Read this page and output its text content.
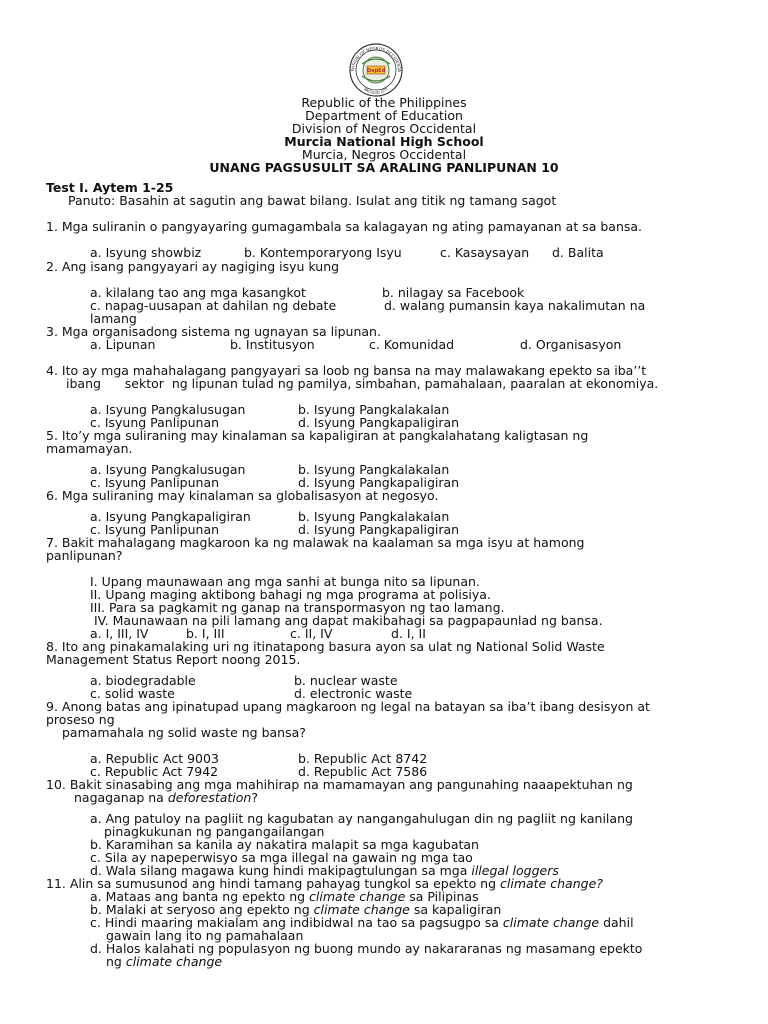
IVISION OF NEGROS OCCIDENTA
BACOLOD CITY
DepEd
Republic of the Philippines
Department of Education
Division of Negros Occidental
Murcia National High School
Murcia, Negros Occidental
UNANG PAGSUSULIT SA ARALING PANLIPUNAN 10
Test I. Aytem 1-25
Panuto: Basahin at sagutin ang bawat bilang. Isulat ang titik ng tamang sagot
1. Mga suliranin o pangyayaring gumagambala sa kalagayan ng ating pamayanan at sa bansa.
a. Isyung showbiz	b. Kontemporaryong Isyu	c. Kasaysayan d. Balita
2. Ang isang pangyayari ay nagiging isyu kung
a. kilalang tao ang mga kasangkot	b. nilagay sa Facebook
c. napag-uusapan at dahilan ng debate	d. walang pumansin kaya nakalimutan na
lamang
3. Mga organisadong sistema ng ugnayan sa lipunan.
a. Lipunan	b. Institusyon	c. Komunidad	d. Organisasyon
4. Ito ay mga mahahalagang pangyayari sa loob ng bansa na may malawakang epekto sa iba’’t
ibang      sektor  ng lipunan tulad ng pamilya, simbahan, pamahalaan, paaralan at ekonomiya.
a. Isyung Pangkalusugan	b. Isyung Pangkalakalan
c. Isyung Panlipunan	d. Isyung Pangkapaligiran
5. Ito’y mga suliraning may kinalaman sa kapaligiran at pangkalahatang kaligtasan ng
mamamayan.
a. Isyung Pangkalusugan	b. Isyung Pangkalakalan
c. Isyung Panlipunan	d. Isyung Pangkapaligiran
6. Mga suliraning may kinalaman sa globalisasyon at negosyo.
a. Isyung Pangkapaligiran	b. Isyung Pangkalakalan
c. Isyung Panlipunan	d. Isyung Pangkapaligiran
7. Bakit mahalagang magkaroon ka ng malawak na kaalaman sa mga isyu at hamong
panlipunan?
I. Upang maunawaan ang mga sanhi at bunga nito sa lipunan.
II. Upang maging aktibong bahagi ng mga programa at polisiya.
III. Para sa pagkamit ng ganap na transpormasyon ng tao lamang.
IV. Maunawaan na pili lamang ang dapat makibahagi sa pagpapaunlad ng bansa.
a. I, III, IV	b. I, III	c. II, IV	d. I, II
8. Ito ang pinakamalaking uri ng itinatapong basura ayon sa ulat ng National Solid Waste
Management Status Report noong 2015.
a. biodegradable	b. nuclear waste
c. solid waste	d. electronic waste
9. Anong batas ang ipinatupad upang magkaroon ng legal na batayan sa iba’t ibang desisyon at
proseso ng
pamamahala ng solid waste ng bansa?
a. Republic Act 9003	b. Republic Act 8742
c. Republic Act 7942	d. Republic Act 7586
10. Bakit sinasabing ang mga mahihirap na mamamayan ang pangunahing naaapektuhan ng
nagaganap na deforestation?
a. Ang patuloy na pagliit ng kagubatan ay nangangahulugan din ng pagliit ng kanilang
pinagkukunan ng pangangailangan
b. Karamihan sa kanila ay nakatira malapit sa mga kagubatan
c. Sila ay napeperwisyo sa mga illegal na gawain ng mga tao
d. Wala silang magawa kung hindi makipagtulungan sa mga illegal loggers
11. Alin sa sumusunod ang hindi tamang pahayag tungkol sa epekto ng climate change?
a. Mataas ang banta ng epekto ng climate change sa Pilipinas
b. Malaki at seryoso ang epekto ng climate change sa kapaligiran
c. Hindi maaring makialam ang indibidwal na tao sa pagsugpo sa climate change dahil
gawain lang ito ng pamahalaan
d. Halos kalahati ng populasyon ng buong mundo ay nakararanas ng masamang epekto
ng climate change
